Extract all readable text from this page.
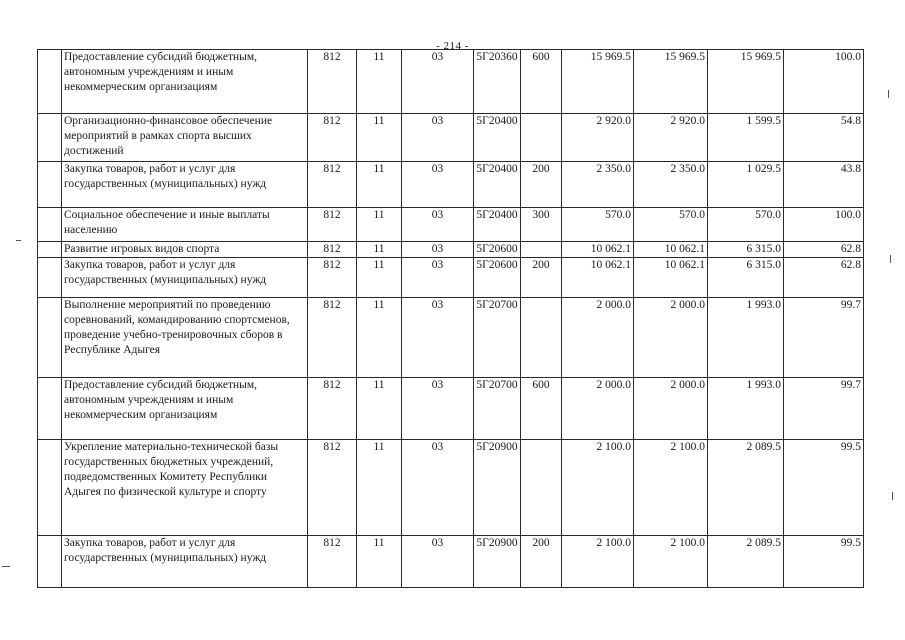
- 214 -
	Предоставление субсидий бюджетным, автономным учреждениям и иным некоммерческим организациям	812	11	03	5Г20360	600	15 969.5	15 969.5	15 969.5	100.0
	Организационно-финансовое обеспечение мероприятий в рамках спорта высших достижений	812	11	03	5Г20400		2 920.0	2 920.0	1 599.5	54.8
	Закупка товаров, работ и услуг для государственных (муниципальных) нужд	812	11	03	5Г20400	200	2 350.0	2 350.0	1 029.5	43.8
	Социальное обеспечение и иные выплаты населению	812	11	03	5Г20400	300	570.0	570.0	570.0	100.0
	Развитие игровых видов спорта	812	11	03	5Г20600		10 062.1	10 062.1	6 315.0	62.8
	Закупка товаров, работ и услуг для государственных (муниципальных) нужд	812	11	03	5Г20600	200	10 062.1	10 062.1	6 315.0	62.8
	Выполнение мероприятий по проведению соревнований, командированию спортсменов, проведение учебно-тренировочных сборов в Республике Адыгея	812	11	03	5Г20700		2 000.0	2 000.0	1 993.0	99.7
	Предоставление субсидий бюджетным, автономным учреждениям и иным некоммерческим организациям	812	11	03	5Г20700	600	2 000.0	2 000.0	1 993.0	99.7
	Укрепление материально-технической базы государственных бюджетных учреждений, подведомственных Комитету Республики Адыгея по физической культуре и спорту	812	11	03	5Г20900		2 100.0	2 100.0	2 089.5	99.5
	Закупка товаров, работ и услуг для государственных (муниципальных) нужд	812	11	03	5Г20900	200	2 100.0	2 100.0	2 089.5	99.5
